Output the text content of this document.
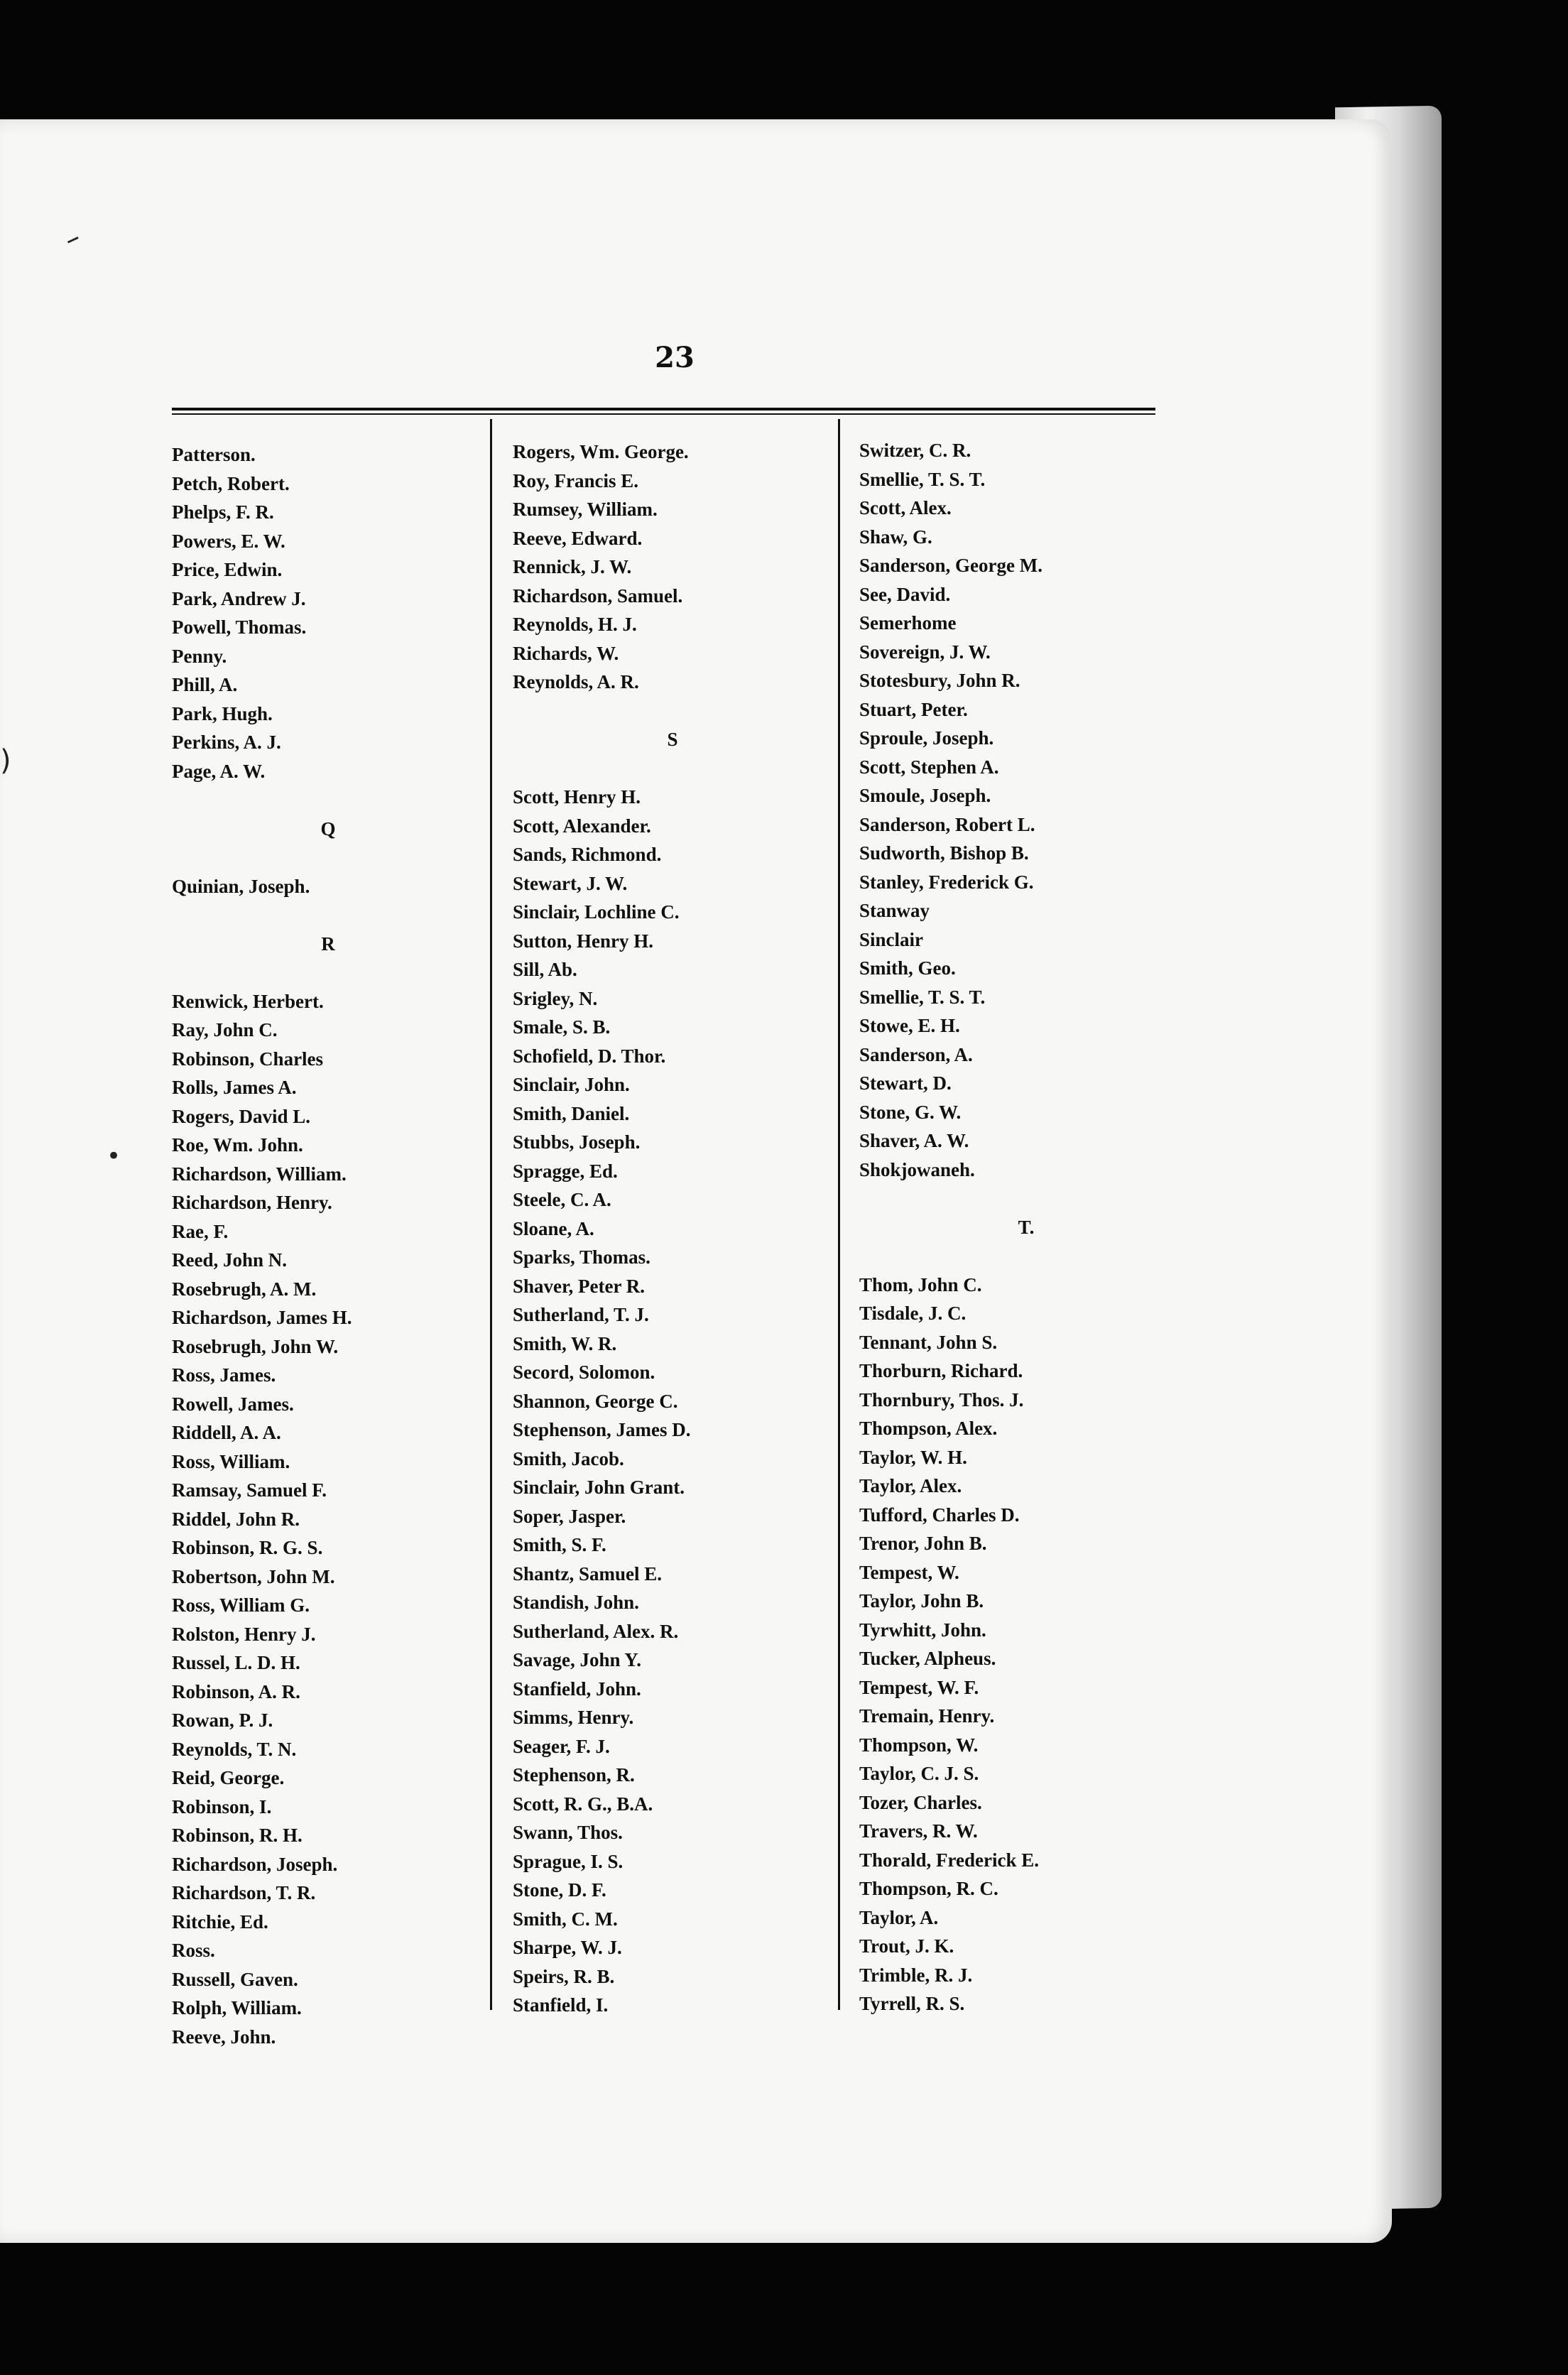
–
)
•
23
Patterson.
Petch, Robert.
Phelps, F. R.
Powers, E. W.
Price, Edwin.
Park, Andrew J.
Powell, Thomas.
Penny.
Phill, A.
Park, Hugh.
Perkins, A. J.
Page, A. W.
Q
Quinian, Joseph.
R
Renwick, Herbert.
Ray, John C.
Robinson, Charles
Rolls, James A.
Rogers, David L.
Roe, Wm. John.
Richardson, William.
Richardson, Henry.
Rae, F.
Reed, John N.
Rosebrugh, A. M.
Richardson, James H.
Rosebrugh, John W.
Ross, James.
Rowell, James.
Riddell, A. A.
Ross, William.
Ramsay, Samuel F.
Riddel, John R.
Robinson, R. G. S.
Robertson, John M.
Ross, William G.
Rolston, Henry J.
Russel, L. D. H.
Robinson, A. R.
Rowan, P. J.
Reynolds, T. N.
Reid, George.
Robinson, I.
Robinson, R. H.
Richardson, Joseph.
Richardson, T. R.
Ritchie, Ed.
Ross.
Russell, Gaven.
Rolph, William.
Reeve, John.
Rogers, Wm. George.
Roy, Francis E.
Rumsey, William.
Reeve, Edward.
Rennick, J. W.
Richardson, Samuel.
Reynolds, H. J.
Richards, W.
Reynolds, A. R.
S
Scott, Henry H.
Scott, Alexander.
Sands, Richmond.
Stewart, J. W.
Sinclair, Lochline C.
Sutton, Henry H.
Sill, Ab.
Srigley, N.
Smale, S. B.
Schofield, D. Thor.
Sinclair, John.
Smith, Daniel.
Stubbs, Joseph.
Spragge, Ed.
Steele, C. A.
Sloane, A.
Sparks, Thomas.
Shaver, Peter R.
Sutherland, T. J.
Smith, W. R.
Secord, Solomon.
Shannon, George C.
Stephenson, James D.
Smith, Jacob.
Sinclair, John Grant.
Soper, Jasper.
Smith, S. F.
Shantz, Samuel E.
Standish, John.
Sutherland, Alex. R.
Savage, John Y.
Stanfield, John.
Simms, Henry.
Seager, F. J.
Stephenson, R.
Scott, R. G., B.A.
Swann, Thos.
Sprague, I. S.
Stone, D. F.
Smith, C. M.
Sharpe, W. J.
Speirs, R. B.
Stanfield, I.
Switzer, C. R.
Smellie, T. S. T.
Scott, Alex.
Shaw, G.
Sanderson, George M.
See, David.
Semerhome
Sovereign, J. W.
Stotesbury, John R.
Stuart, Peter.
Sproule, Joseph.
Scott, Stephen A.
Smoule, Joseph.
Sanderson, Robert L.
Sudworth, Bishop B.
Stanley, Frederick G.
Stanway
Sinclair
Smith, Geo.
Smellie, T. S. T.
Stowe, E. H.
Sanderson, A.
Stewart, D.
Stone, G. W.
Shaver, A. W.
Shokjowaneh.
T.
Thom, John C.
Tisdale, J. C.
Tennant, John S.
Thorburn, Richard.
Thornbury, Thos. J.
Thompson, Alex.
Taylor, W. H.
Taylor, Alex.
Tufford, Charles D.
Trenor, John B.
Tempest, W.
Taylor, John B.
Tyrwhitt, John.
Tucker, Alpheus.
Tempest, W. F.
Tremain, Henry.
Thompson, W.
Taylor, C. J. S.
Tozer, Charles.
Travers, R. W.
Thorald, Frederick E.
Thompson, R. C.
Taylor, A.
Trout, J. K.
Trimble, R. J.
Tyrrell, R. S.
